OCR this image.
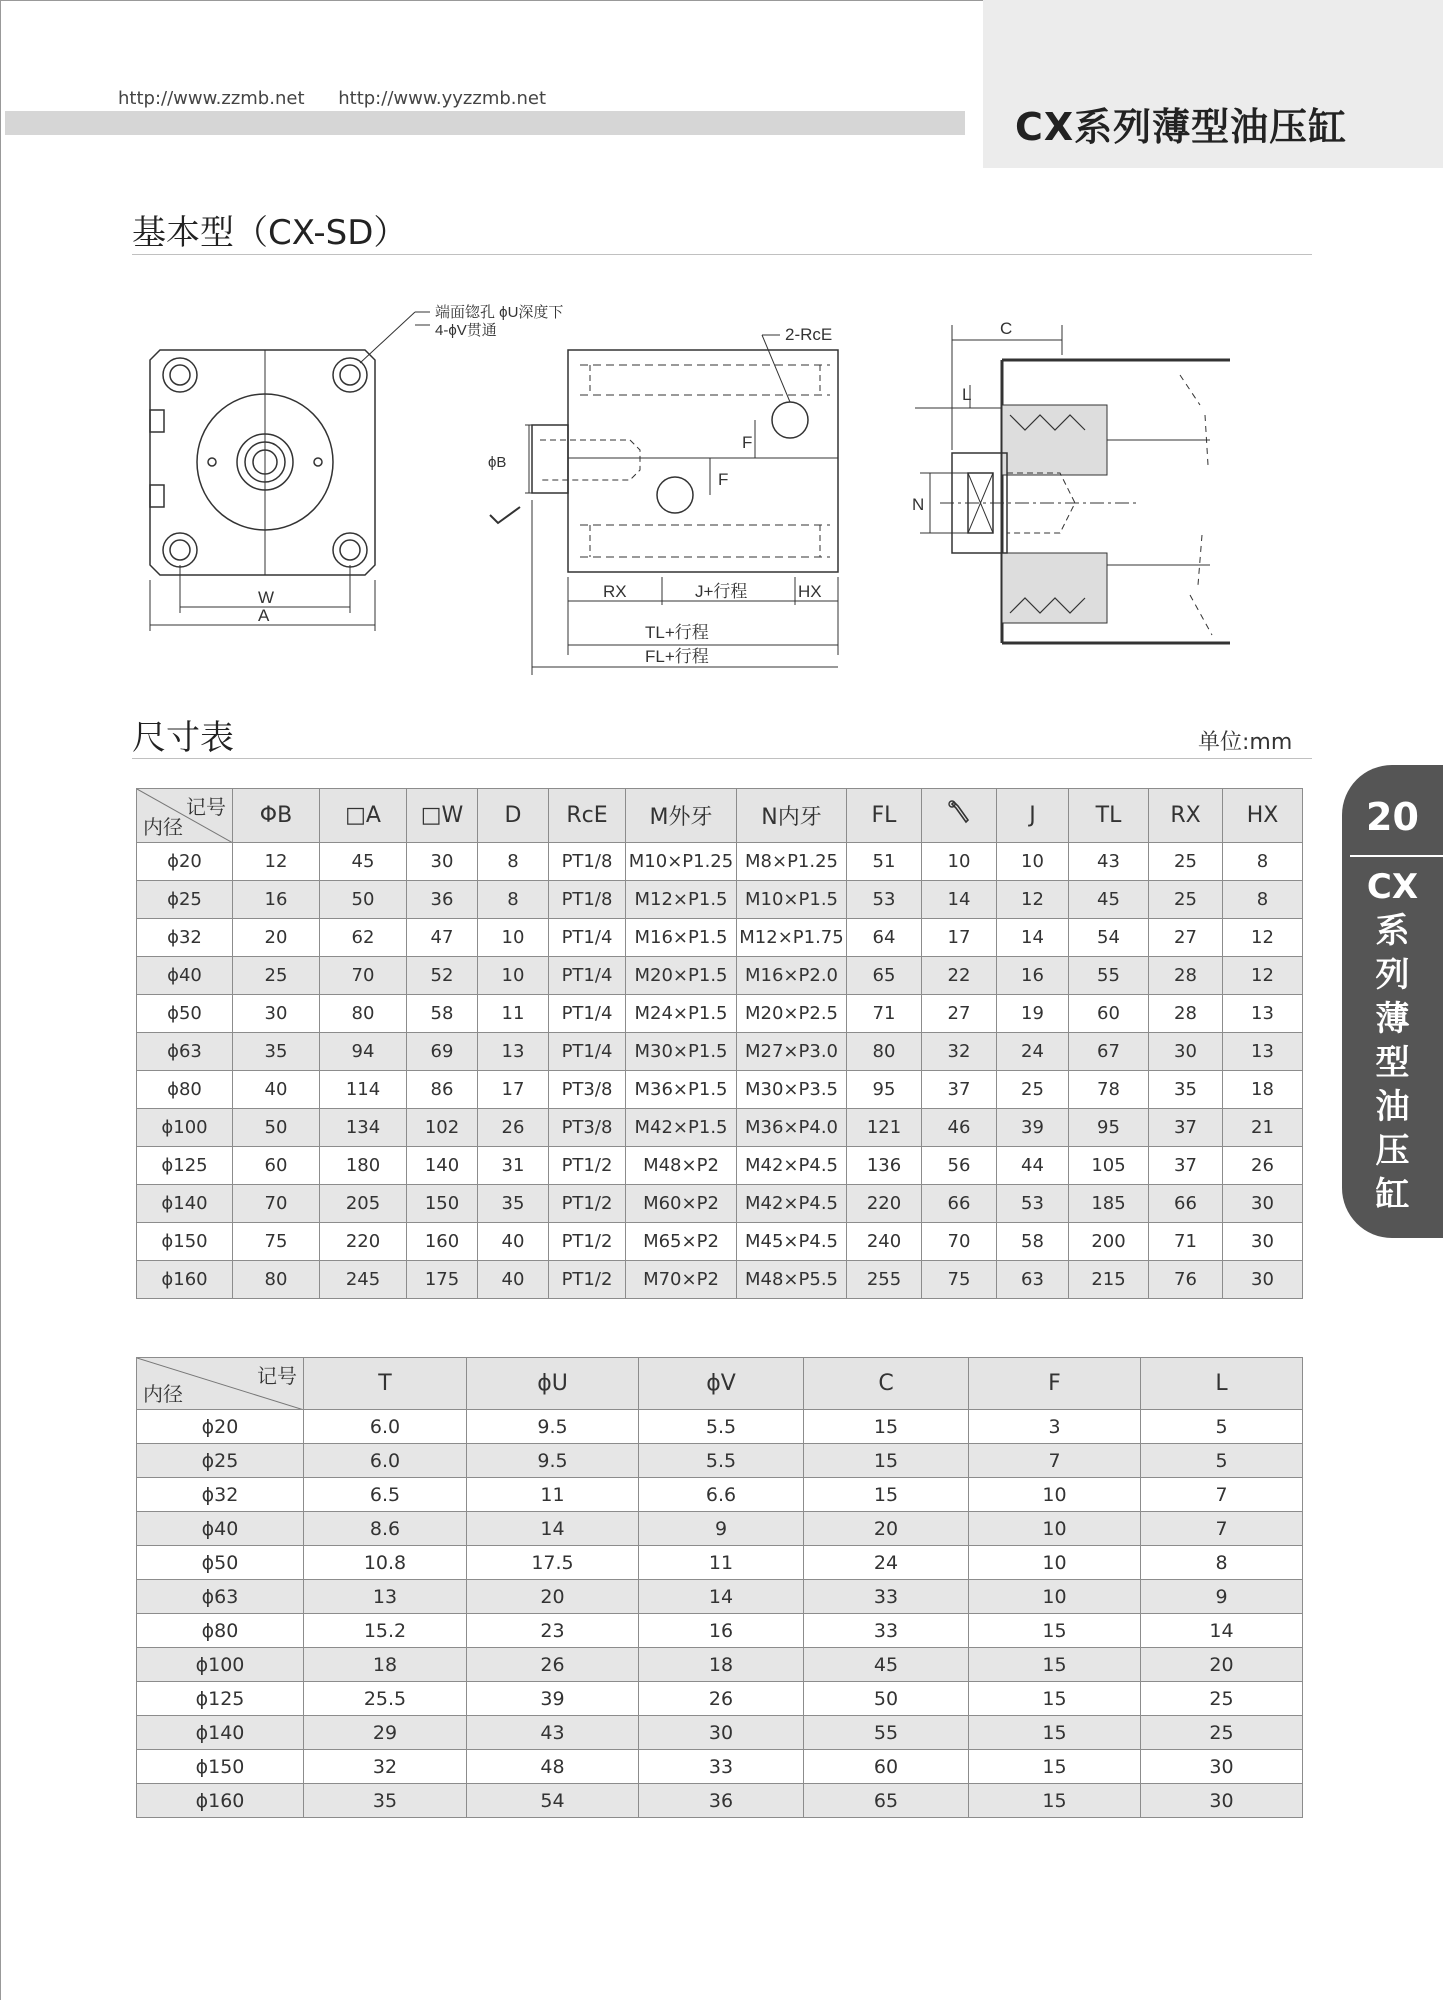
http://www.zzmb.net http://www.yyzzmb.net
CX系列薄型油压缸
基本型（CX-SD）
W
A
端面锪孔 ϕU深度下
4-ϕV贯通	2-RcE
ϕB
F
F
RX	J+行程	HX
TL+行程
FL+行程
C
L
N
尺寸表	单位:mm
20
CX
系
列
薄
型
油
压
缸
记号
内径	ΦB	□A	□W	D	RcE	M外牙	N内牙	FL		J	TL	RX	HX
ϕ20	12	45	30	8	PT1/8	M10×P1.25	M8×P1.25	51	10	10	43	25	8
ϕ25	16	50	36	8	PT1/8	M12×P1.5	M10×P1.5	53	14	12	45	25	8
ϕ32	20	62	47	10	PT1/4	M16×P1.5	M12×P1.75	64	17	14	54	27	12
ϕ40	25	70	52	10	PT1/4	M20×P1.5	M16×P2.0	65	22	16	55	28	12
ϕ50	30	80	58	11	PT1/4	M24×P1.5	M20×P2.5	71	27	19	60	28	13
ϕ63	35	94	69	13	PT1/4	M30×P1.5	M27×P3.0	80	32	24	67	30	13
ϕ80	40	114	86	17	PT3/8	M36×P1.5	M30×P3.5	95	37	25	78	35	18
ϕ100	50	134	102	26	PT3/8	M42×P1.5	M36×P4.0	121	46	39	95	37	21
ϕ125	60	180	140	31	PT1/2	M48×P2	M42×P4.5	136	56	44	105	37	26
ϕ140	70	205	150	35	PT1/2	M60×P2	M42×P4.5	220	66	53	185	66	30
ϕ150	75	220	160	40	PT1/2	M65×P2	M45×P4.5	240	70	58	200	71	30
ϕ160	80	245	175	40	PT1/2	M70×P2	M48×P5.5	255	75	63	215	76	30
记号
内径	T	ϕU	ϕV	C	F	L
ϕ20	6.0	9.5	5.5	15	3	5
ϕ25	6.0	9.5	5.5	15	7	5
ϕ32	6.5	11	6.6	15	10	7
ϕ40	8.6	14	9	20	10	7
ϕ50	10.8	17.5	11	24	10	8
ϕ63	13	20	14	33	10	9
ϕ80	15.2	23	16	33	15	14
ϕ100	18	26	18	45	15	20
ϕ125	25.5	39	26	50	15	25
ϕ140	29	43	30	55	15	25
ϕ150	32	48	33	60	15	30
ϕ160	35	54	36	65	15	30
